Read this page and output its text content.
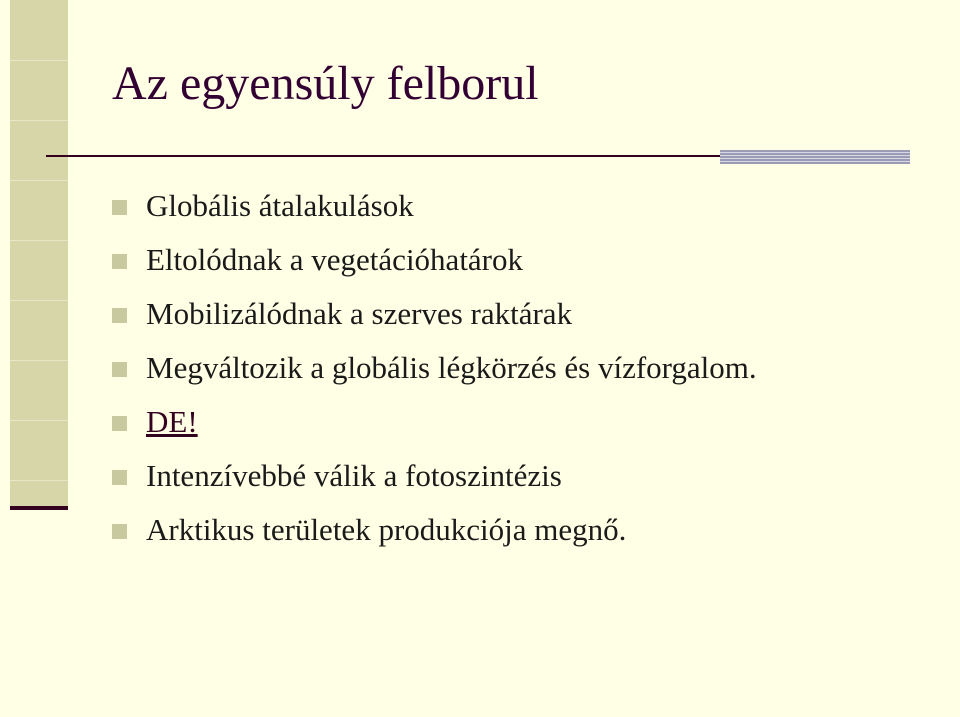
Az egyensúly felborul
Globális átalakulások
Eltolódnak a vegetációhatárok
Mobilizálódnak a szerves raktárak
Megváltozik a globális légkörzés és vízforgalom.
DE!
Intenzívebbé válik a fotoszintézis
Arktikus területek produkciója megnő.
